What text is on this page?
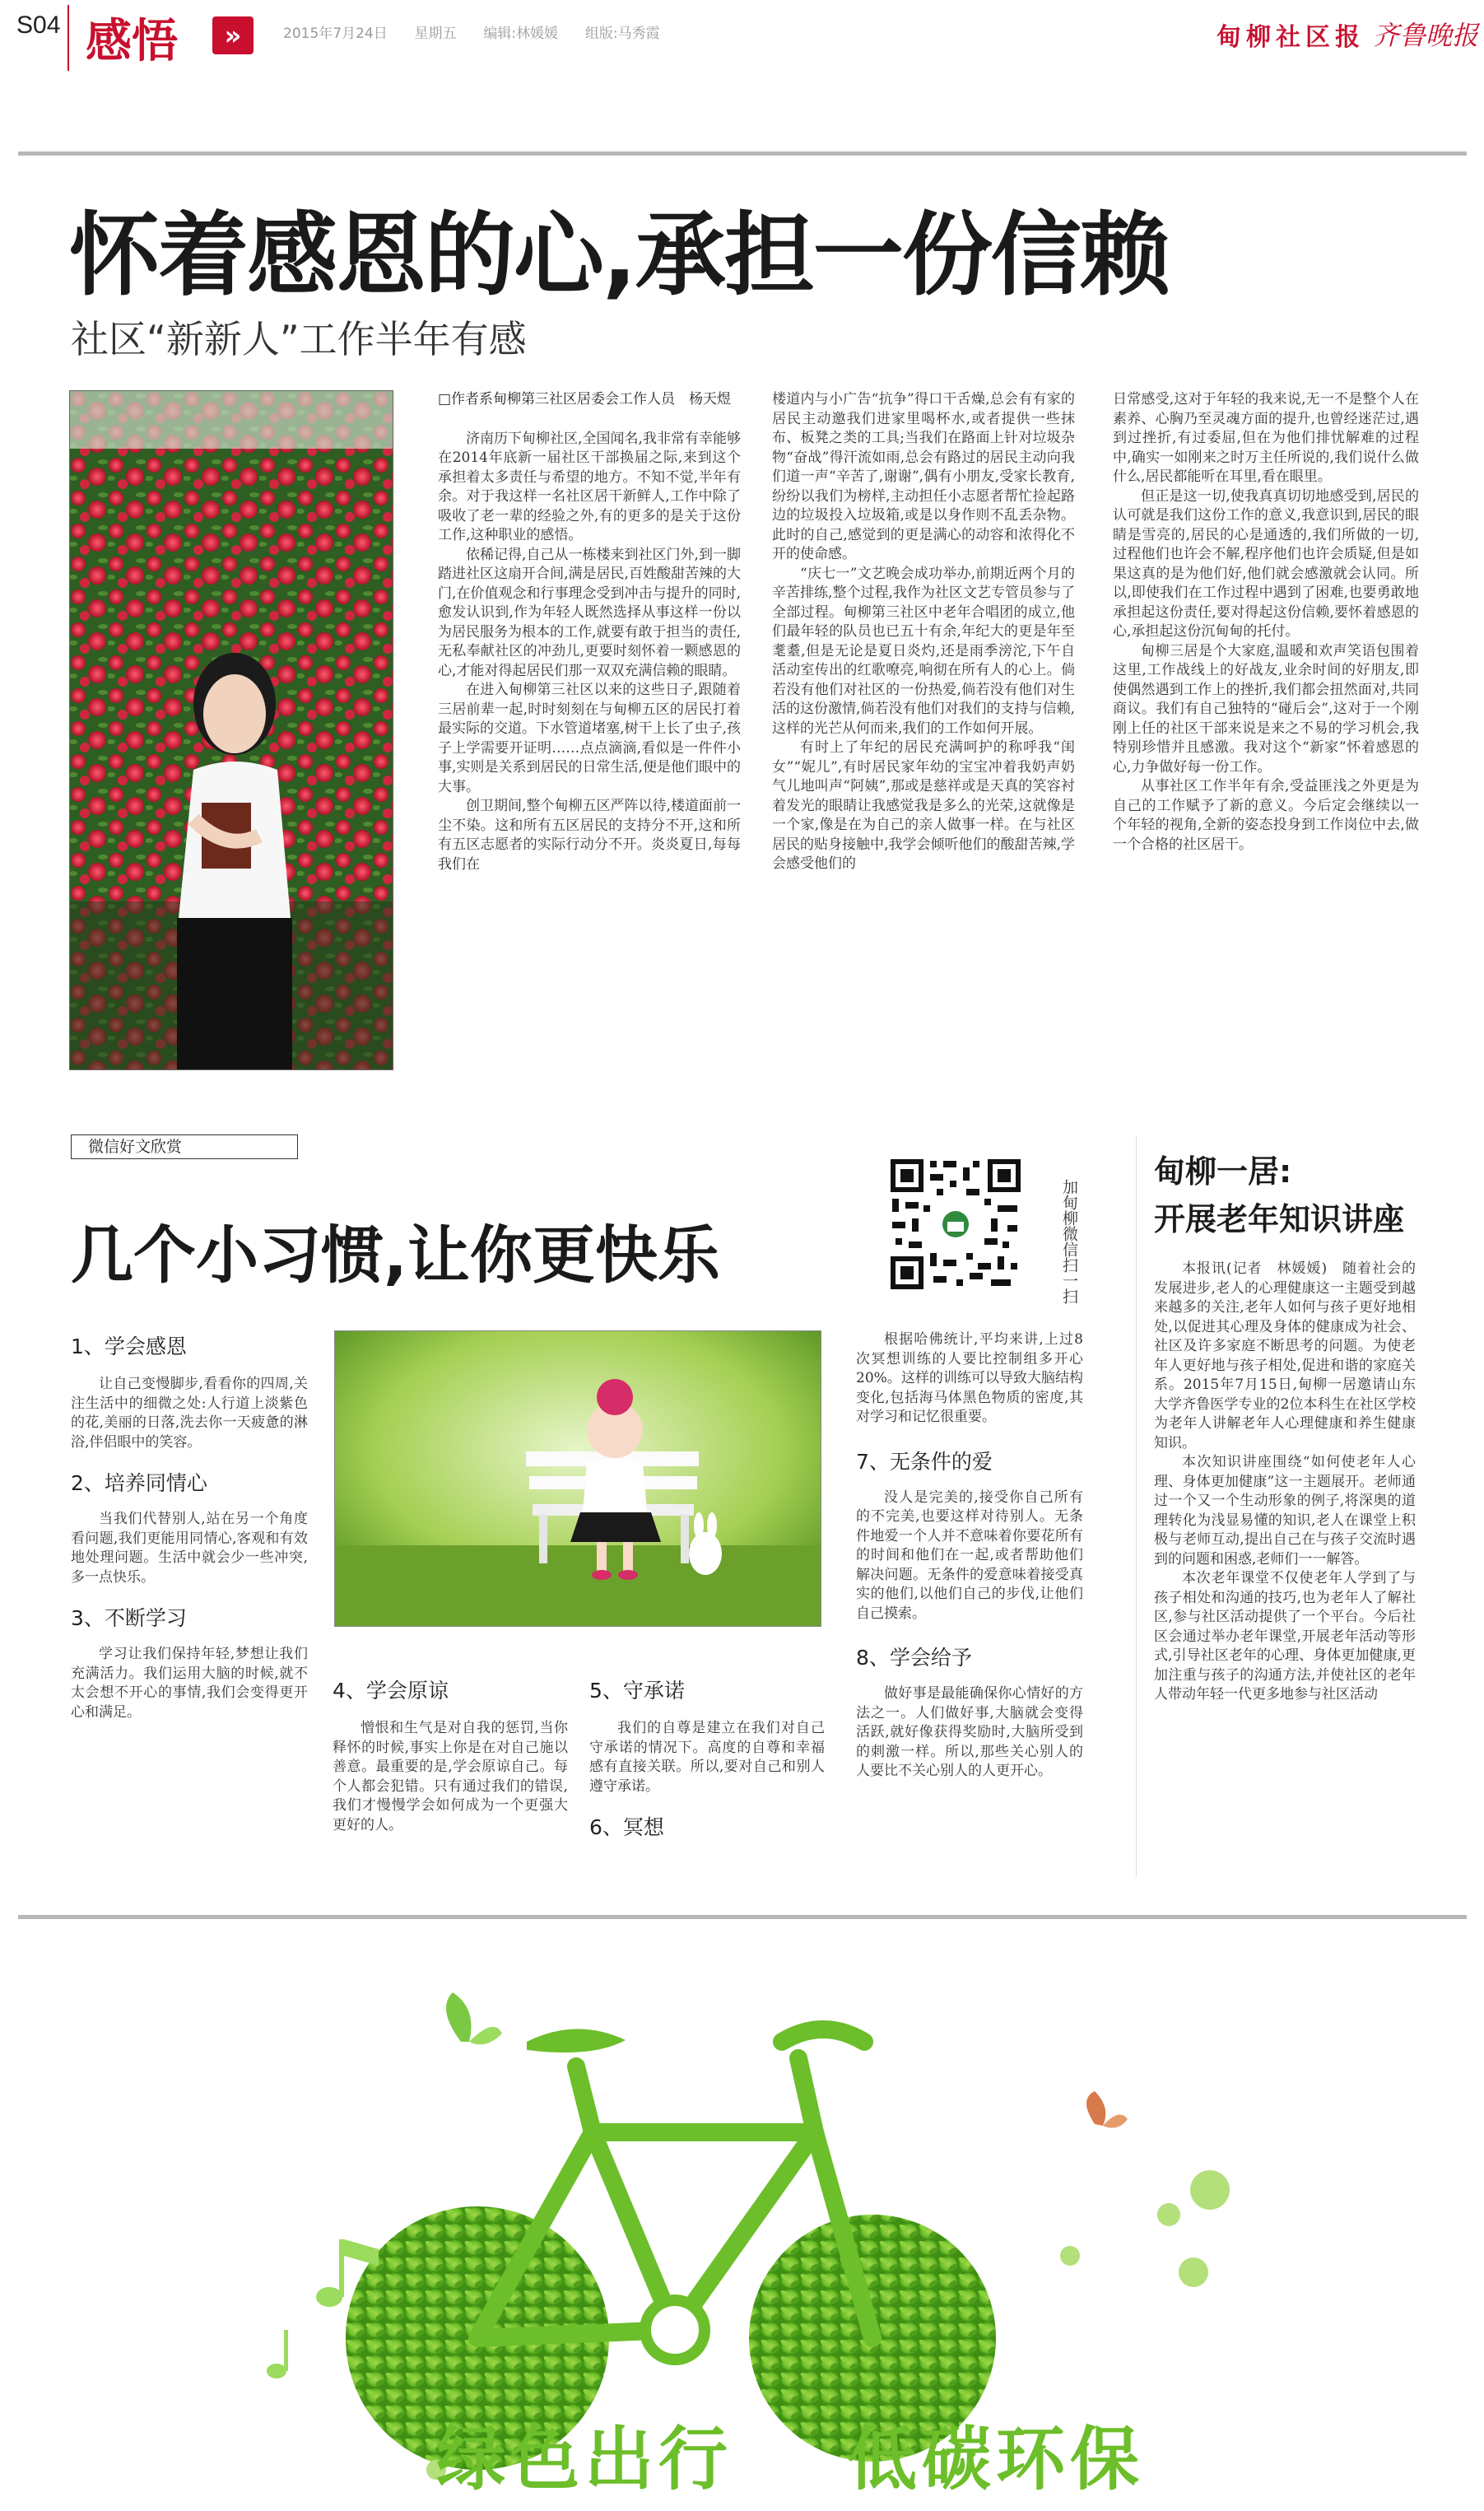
S04 感悟 »	2015年7月24日 星期五 编辑:林媛媛 组版:马秀霞	甸柳社区报 齐鲁晚报
怀着感恩的心,承担一份信赖
社区“新新人”工作半年有感

□作者系甸柳第三社区居委会工作人员　杨天煜

济南历下甸柳社区,全国闻名,我非常有幸能够在2014年底新一届社区干部换届之际,来到这个承担着太多责任与希望的地方。不知不觉,半年有余。对于我这样一名社区居干新鲜人,工作中除了吸收了老一辈的经验之外,有的更多的是关于这份工作,这种职业的感悟。

依稀记得,自己从一栋楼来到社区门外,到一脚踏进社区这扇开合间,满是居民,百姓酸甜苦辣的大门,在价值观念和行事理念受到冲击与提升的同时,愈发认识到,作为年轻人既然选择从事这样一份以为居民服务为根本的工作,就要有敢于担当的责任,无私奉献社区的冲劲儿,更要时刻怀着一颗感恩的心,才能对得起居民们那一双双充满信赖的眼睛。

在进入甸柳第三社区以来的这些日子,跟随着三居前辈一起,时时刻刻在与甸柳五区的居民打着最实际的交道。下水管道堵塞,树干上长了虫子,孩子上学需要开证明……点点滴滴,看似是一件件小事,实则是关系到居民的日常生活,便是他们眼中的大事。

创卫期间,整个甸柳五区严阵以待,楼道面前一尘不染。这和所有五区居民的支持分不开,这和所有五区志愿者的实际行动分不开。炎炎夏日,每每我们在

楼道内与小广告“抗争”得口干舌燥,总会有有家的居民主动邀我们进家里喝杯水,或者提供一些抹布、板凳之类的工具;当我们在路面上针对垃圾杂物“奋战”得汗流如雨,总会有路过的居民主动向我们道一声“辛苦了,谢谢”,偶有小朋友,受家长教育,纷纷以我们为榜样,主动担任小志愿者帮忙捡起路边的垃圾投入垃圾箱,或是以身作则不乱丢杂物。此时的自己,感觉到的更是满心的动容和浓得化不开的使命感。

“庆七一”文艺晚会成功举办,前期近两个月的辛苦排练,整个过程,我作为社区文艺专管员参与了全部过程。甸柳第三社区中老年合唱团的成立,他们最年轻的队员也已五十有余,年纪大的更是年至耄耋,但是无论是夏日炎灼,还是雨季滂沱,下午自活动室传出的红歌嘹亮,响彻在所有人的心上。倘若没有他们对社区的一份热爱,倘若没有他们对生活的这份激情,倘若没有他们对我们的支持与信赖,这样的光芒从何而来,我们的工作如何开展。

有时上了年纪的居民充满呵护的称呼我“闺女”“妮儿”,有时居民家年幼的宝宝冲着我奶声奶气儿地叫声“阿姨”,那或是慈祥或是天真的笑容衬着发光的眼睛让我感觉我是多么的光荣,这就像是一个家,像是在为自己的亲人做事一样。在与社区居民的贴身接触中,我学会倾听他们的酸甜苦辣,学会感受他们的

日常感受,这对于年轻的我来说,无一不是整个人在素养、心胸乃至灵魂方面的提升,也曾经迷茫过,遇到过挫折,有过委屈,但在为他们排忧解难的过程中,确实一如刚来之时万主任所说的,我们说什么做什么,居民都能听在耳里,看在眼里。

但正是这一切,使我真真切切地感受到,居民的认可就是我们这份工作的意义,我意识到,居民的眼睛是雪亮的,居民的心是通透的,我们所做的一切,过程他们也许会不解,程序他们也许会质疑,但是如果这真的是为他们好,他们就会感激就会认同。所以,即使我们在工作过程中遇到了困难,也要勇敢地承担起这份责任,要对得起这份信赖,要怀着感恩的心,承担起这份沉甸甸的托付。

甸柳三居是个大家庭,温暖和欢声笑语包围着这里,工作战线上的好战友,业余时间的好朋友,即使偶然遇到工作上的挫折,我们都会扭然面对,共同商议。我们有自己独特的“碰后会”,这对于一个刚刚上任的社区干部来说是来之不易的学习机会,我特别珍惜并且感激。我对这个“新家”怀着感恩的心,力争做好每一份工作。

从事社区工作半年有余,受益匪浅之外更是为自己的工作赋予了新的意义。今后定会继续以一个年轻的视角,全新的姿态投身到工作岗位中去,做一个合格的社区居干。

微信好文欣赏
几个小习惯,让你更快乐	加甸柳微信扫一扫
1、学会感恩

让自己变慢脚步,看看你的四周,关注生活中的细微之处:人行道上淡紫色的花,美丽的日落,洗去你一天疲惫的淋浴,伴侣眼中的笑容。

2、培养同情心

当我们代替别人,站在另一个角度看问题,我们更能用同情心,客观和有效地处理问题。生活中就会少一些冲突,多一点快乐。

3、不断学习

学习让我们保持年轻,梦想让我们充满活力。我们运用大脑的时候,就不太会想不开心的事情,我们会变得更开心和满足。

4、学会原谅

憎恨和生气是对自我的惩罚,当你释怀的时候,事实上你是在对自己施以善意。最重要的是,学会原谅自己。每个人都会犯错。只有通过我们的错误,我们才慢慢学会如何成为一个更强大更好的人。

5、守承诺

我们的自尊是建立在我们对自己守承诺的情况下。高度的自尊和幸福感有直接关联。所以,要对自己和别人遵守承诺。

6、冥想

根据哈佛统计,平均来讲,上过8次冥想训练的人要比控制组多开心20%。这样的训练可以导致大脑结构变化,包括海马体黑色物质的密度,其对学习和记忆很重要。

7、无条件的爱

没人是完美的,接受你自己所有的不完美,也要这样对待别人。无条件地爱一个人并不意味着你要花所有的时间和他们在一起,或者帮助他们解决问题。无条件的爱意味着接受真实的他们,以他们自己的步伐,让他们自己摸索。

8、学会给予

做好事是最能确保你心情好的方法之一。人们做好事,大脑就会变得活跃,就好像获得奖励时,大脑所受到的刺激一样。所以,那些关心别人的人要比不关心别人的人更开心。

甸柳一居:
开展老年知识讲座

本报讯(记者　林媛媛)　随着社会的发展进步,老人的心理健康这一主题受到越来越多的关注,老年人如何与孩子更好地相处,以促进其心理及身体的健康成为社会、社区及许多家庭不断思考的问题。为使老年人更好地与孩子相处,促进和谐的家庭关系。2015年7月15日,甸柳一居邀请山东大学齐鲁医学专业的2位本科生在社区学校为老年人讲解老年人心理健康和养生健康知识。

本次知识讲座围绕“如何使老年人心理、身体更加健康”这一主题展开。老师通过一个又一个生动形象的例子,将深奥的道理转化为浅显易懂的知识,老人在课堂上积极与老师互动,提出自己在与孩子交流时遇到的问题和困惑,老师们一一解答。

本次老年课堂不仅使老年人学到了与孩子相处和沟通的技巧,也为老年人了解社区,参与社区活动提供了一个平台。今后社区会通过举办老年课堂,开展老年活动等形式,引导社区老年的心理、身体更加健康,更加注重与孩子的沟通方法,并使社区的老年人带动年轻一代更多地参与社区活动

绿色出行 低碳环保
